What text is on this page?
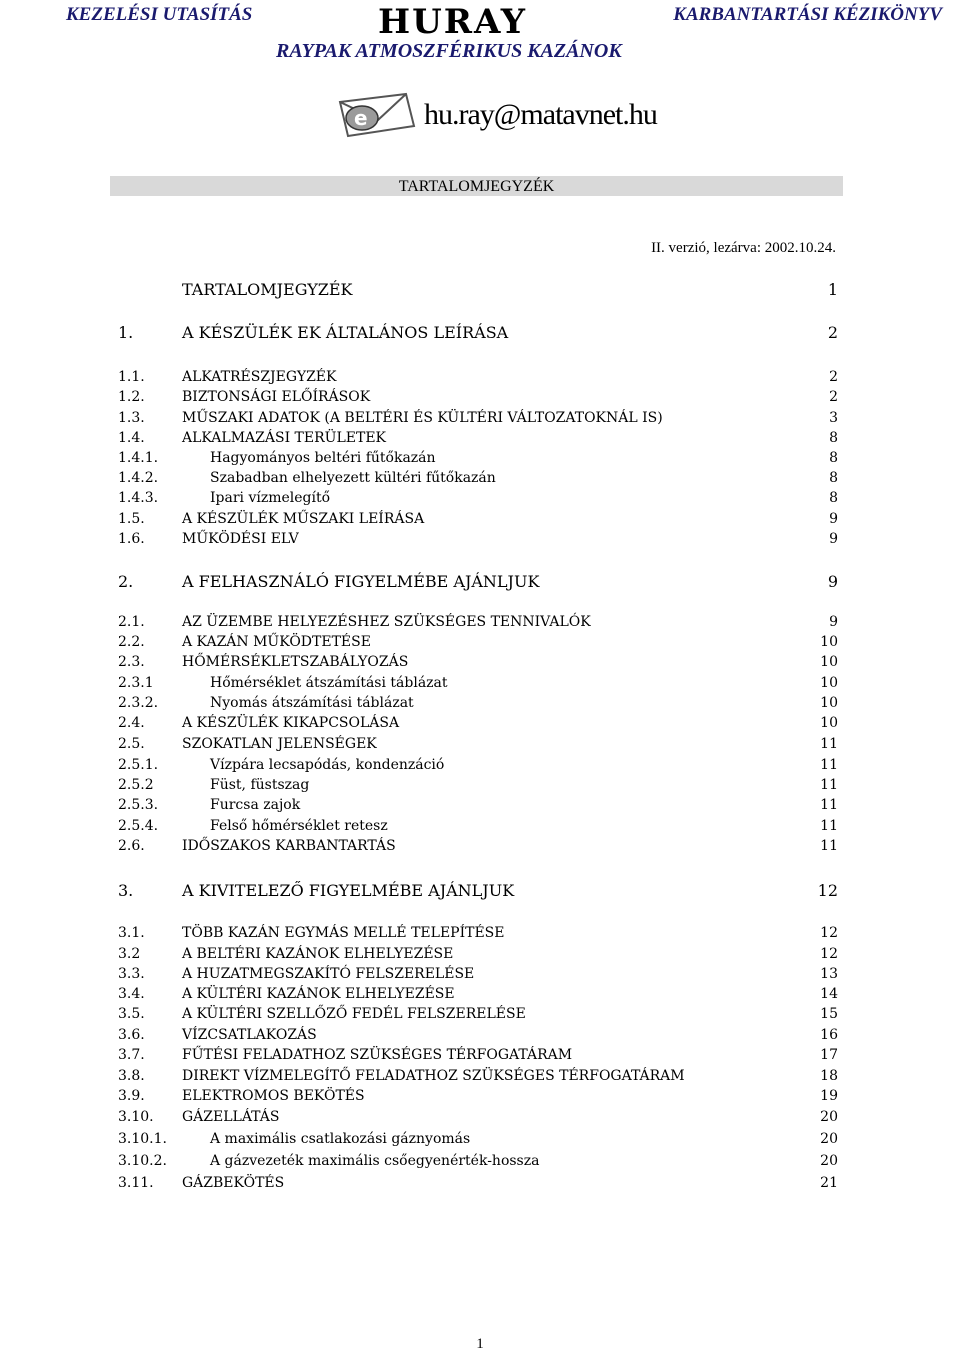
KEZELÉSI UTASÍTÁS	HURAY	KARBANTARTÁSI KÉZIKÖNYV
RAYPAK ATMOSZFÉRIKUS KAZÁNOK
e hu.ray@matavnet.hu
TARTALOMJEGYZÉK
II. verzió, lezárva: 2002.10.24.
TARTALOMJEGYZÉK	1
1.	A KÉSZÜLÉK EK ÁLTALÁNOS LEÍRÁSA	2
1.1.	ALKATRÉSZJEGYZÉK	2
1.2.	BIZTONSÁGI ELŐÍRÁSOK	2
1.3.	MŰSZAKI ADATOK (A BELTÉRI ÉS KÜLTÉRI VÁLTOZATOKNÁL IS)	3
1.4.	ALKALMAZÁSI TERÜLETEK	8
1.4.1.	Hagyományos beltéri fűtőkazán	8
1.4.2.	Szabadban elhelyezett kültéri fűtőkazán	8
1.4.3.	Ipari vízmelegítő	8
1.5.	A KÉSZÜLÉK MŰSZAKI LEÍRÁSA	9
1.6.	MŰKÖDÉSI ELV	9
2.	A FELHASZNÁLÓ FIGYELMÉBE AJÁNLJUK	9
2.1.	AZ ÜZEMBE HELYEZÉSHEZ SZÜKSÉGES TENNIVALÓK	9
2.2.	A KAZÁN MŰKÖDTETÉSE	10
2.3.	HŐMÉRSÉKLETSZABÁLYOZÁS	10
2.3.1	Hőmérséklet átszámítási táblázat	10
2.3.2.	Nyomás átszámítási táblázat	10
2.4.	A KÉSZÜLÉK KIKAPCSOLÁSA	10
2.5.	SZOKATLAN JELENSÉGEK	11
2.5.1.	Vízpára lecsapódás, kondenzáció	11
2.5.2	Füst, füstszag	11
2.5.3.	Furcsa zajok	11
2.5.4.	Felső hőmérséklet retesz	11
2.6.	IDŐSZAKOS KARBANTARTÁS	11
3.	A KIVITELEZŐ FIGYELMÉBE AJÁNLJUK	12
3.1.	TÖBB KAZÁN EGYMÁS MELLÉ TELEPÍTÉSE	12
3.2	A BELTÉRI KAZÁNOK ELHELYEZÉSE	12
3.3.	A HUZATMEGSZAKÍTÓ FELSZERELÉSE	13
3.4.	A KÜLTÉRI KAZÁNOK ELHELYEZÉSE	14
3.5.	A KÜLTÉRI SZELLŐZŐ FEDÉL FELSZERELÉSE	15
3.6.	VÍZCSATLAKOZÁS	16
3.7.	FŰTÉSI FELADATHOZ SZÜKSÉGES TÉRFOGATÁRAM	17
3.8.	DIREKT VÍZMELEGÍTŐ FELADATHOZ SZÜKSÉGES TÉRFOGATÁRAM	18
3.9.	ELEKTROMOS BEKÖTÉS	19
3.10. GÁZELLÁTÁS	20
3.10.1.	A maximális csatlakozási gáznyomás	20
3.10.2.	A gázvezeték maximális csőegyenérték-hossza	20
3.11. GÁZBEKÖTÉS	21
1
